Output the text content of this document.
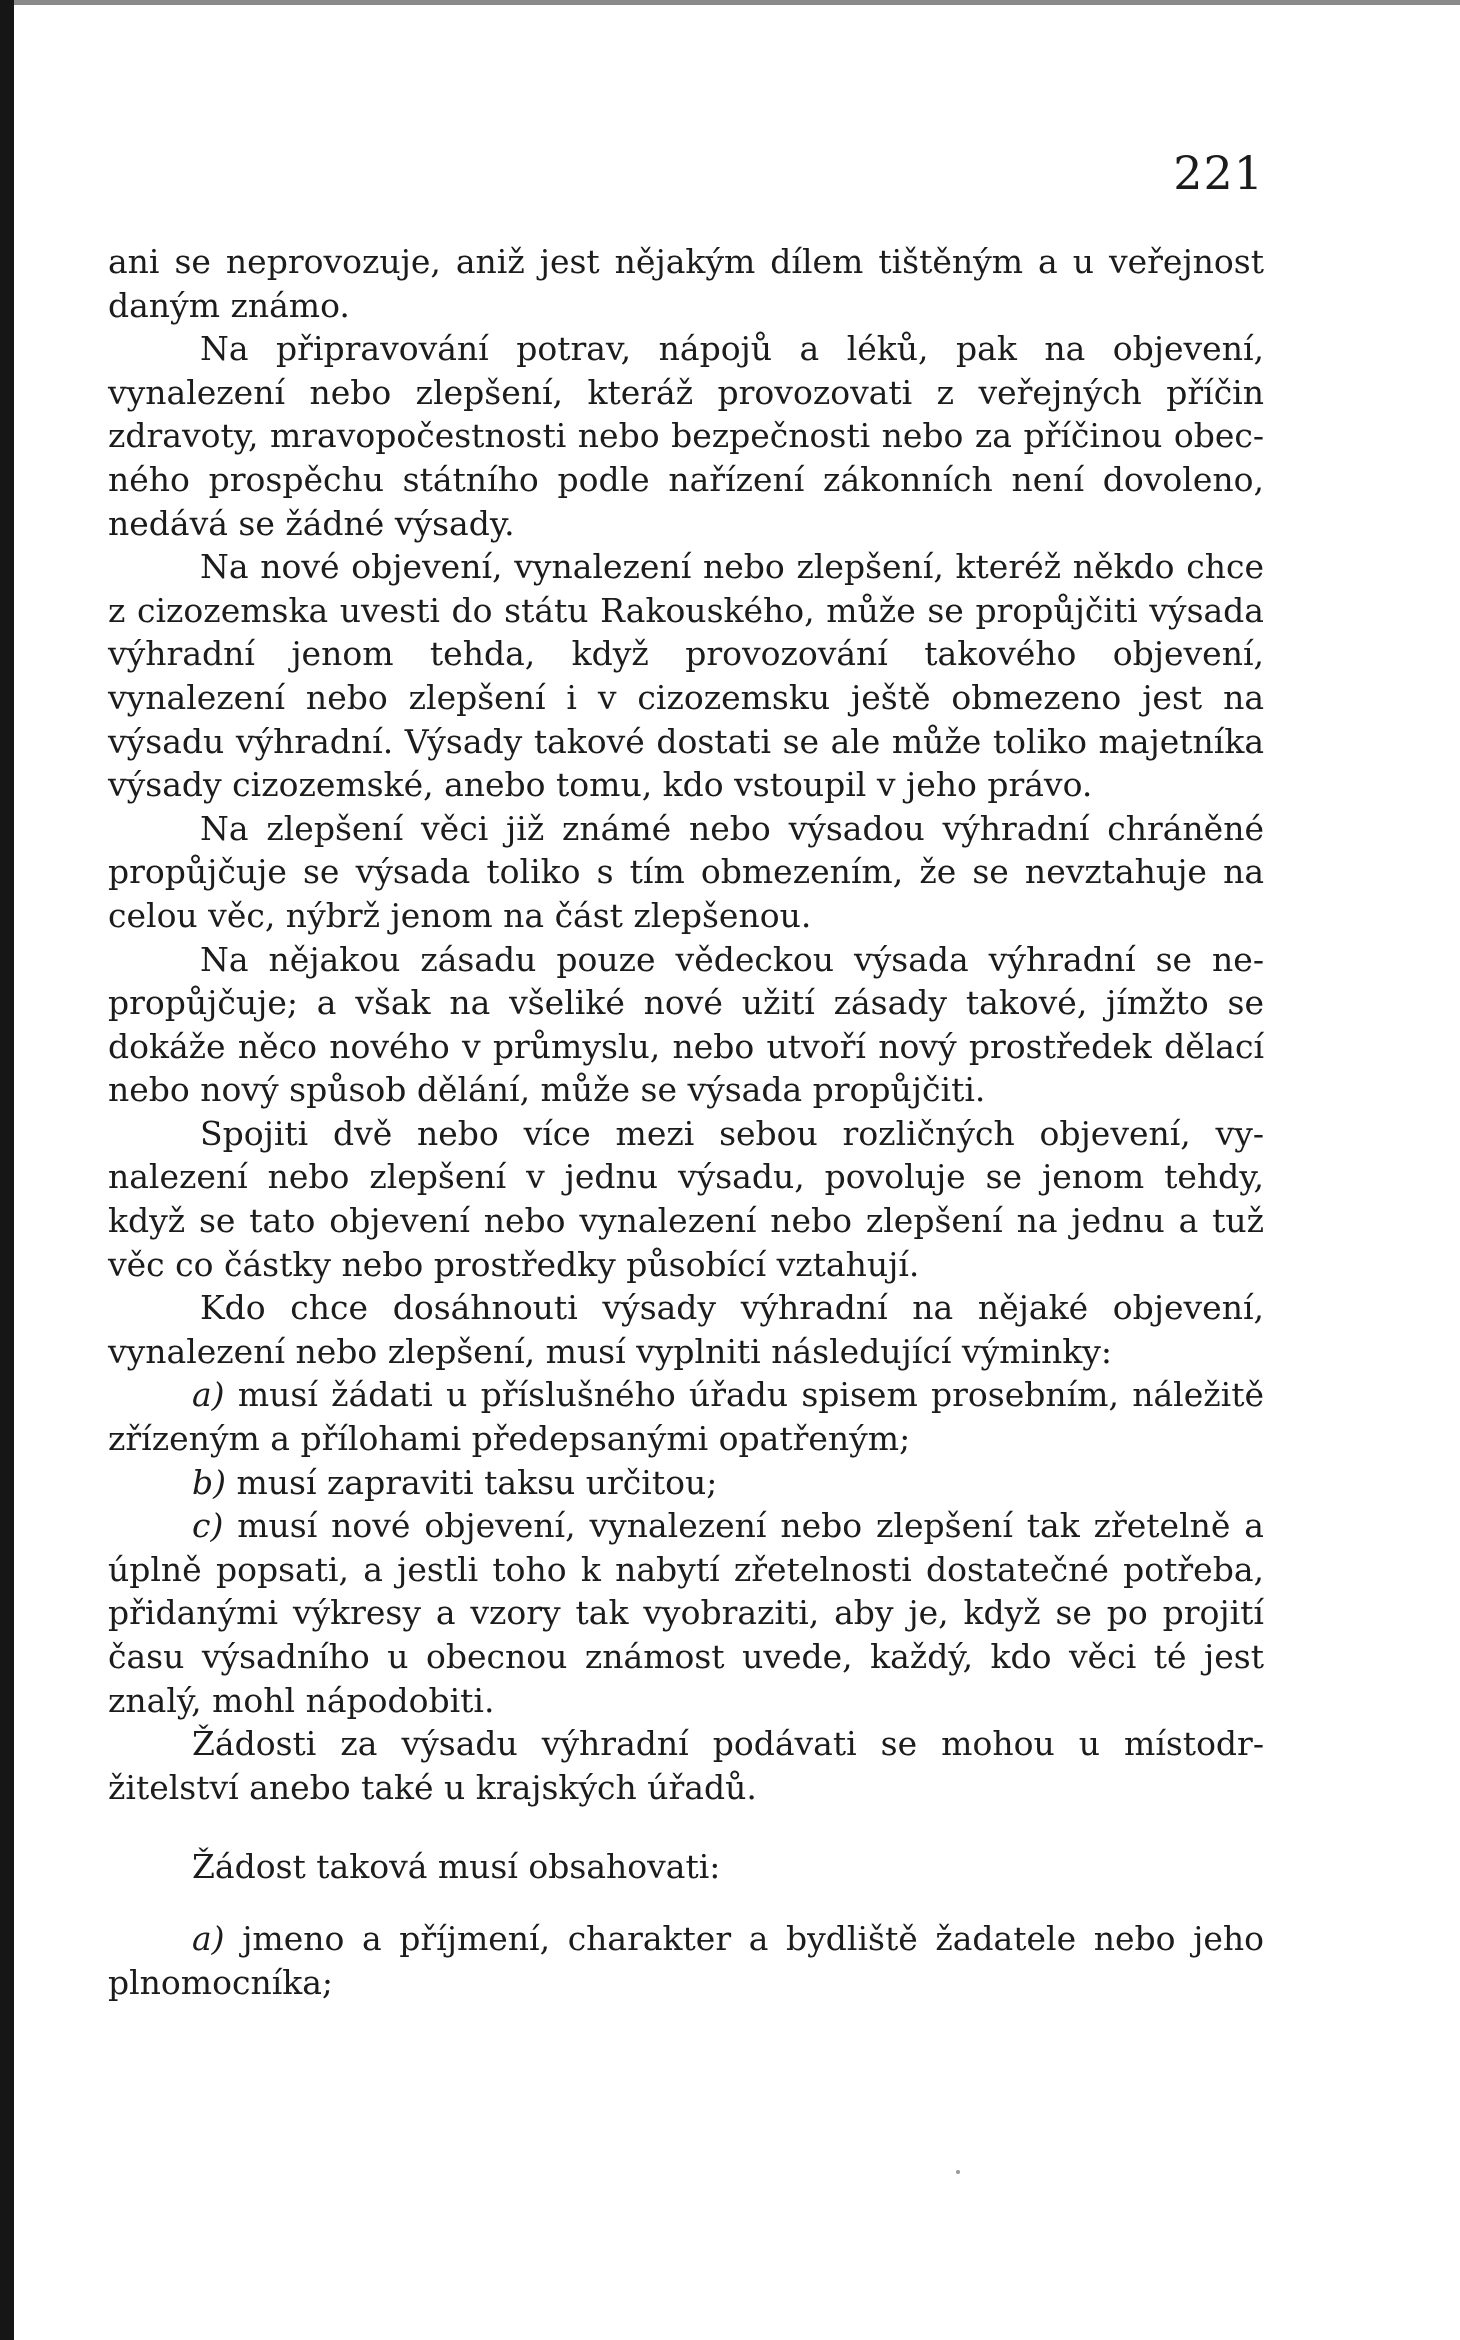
221

ani se neprovozuje, aniž jest nějakým dílem tištěným a u veřejnost daným známo.

Na připravování potrav, nápojů a léků, pak na objevení, vynalezení nebo zlepšení, kteráž provozovati z veřejných příčin zdravoty, mravopočestnosti nebo bezpečnosti nebo za příčinou obecného prospěchu státního podle nařízení zákonních není dovoleno, nedává se žádné výsady.

Na nové objevení, vynalezení nebo zlepšení, kteréž někdo chce z cizozemska uvesti do státu Rakouského, může se propůjčiti výsada výhradní jenom tehda, když provozování takového objevení, vynalezení nebo zlepšení i v cizozemsku ještě obmezeno jest na výsadu výhradní. Výsady takové dostati se ale může toliko majetníka výsady cizozemské, anebo tomu, kdo vstoupil v jeho právo.

Na zlepšení věci již známé nebo výsadou výhradní chráněné propůjčuje se výsada toliko s tím obmezením, že se nevztahuje na celou věc, nýbrž jenom na část zlepšenou.

Na nějakou zásadu pouze vědeckou výsada výhradní se nepropůjčuje; a však na všeliké nové užití zásady takové, jímžto se dokáže něco nového v průmyslu, nebo utvoří nový prostředek dělací nebo nový spůsob dělání, může se výsada propůjčiti.

Spojiti dvě nebo více mezi sebou rozličných objevení, vynalezení nebo zlepšení v jednu výsadu, povoluje se jenom tehdy, když se tato objevení nebo vynalezení nebo zlepšení na jednu a tuž věc co částky nebo prostředky působící vztahují.

Kdo chce dosáhnouti výsady výhradní na nějaké objevení, vynalezení nebo zlepšení, musí vyplniti následující výminky:

a) musí žádati u příslušného úřadu spisem prosebním, náležitě zřízeným a přílohami předepsanými opatřeným;

b) musí zapraviti taksu určitou;

c) musí nové objevení, vynalezení nebo zlepšení tak zřetelně a úplně popsati, a jestli toho k nabytí zřetelnosti dostatečné potřeba, přidanými výkresy a vzory tak vyobraziti, aby je, když se po projití času výsadního u obecnou známost uvede, každý, kdo věci té jest znalý, mohl nápodobiti.

Žádosti za výsadu výhradní podávati se mohou u místodržitelství anebo také u krajských úřadů.

Žádost taková musí obsahovati:

a) jmeno a příjmení, charakter a bydliště žadatele nebo jeho plnomocníka;
